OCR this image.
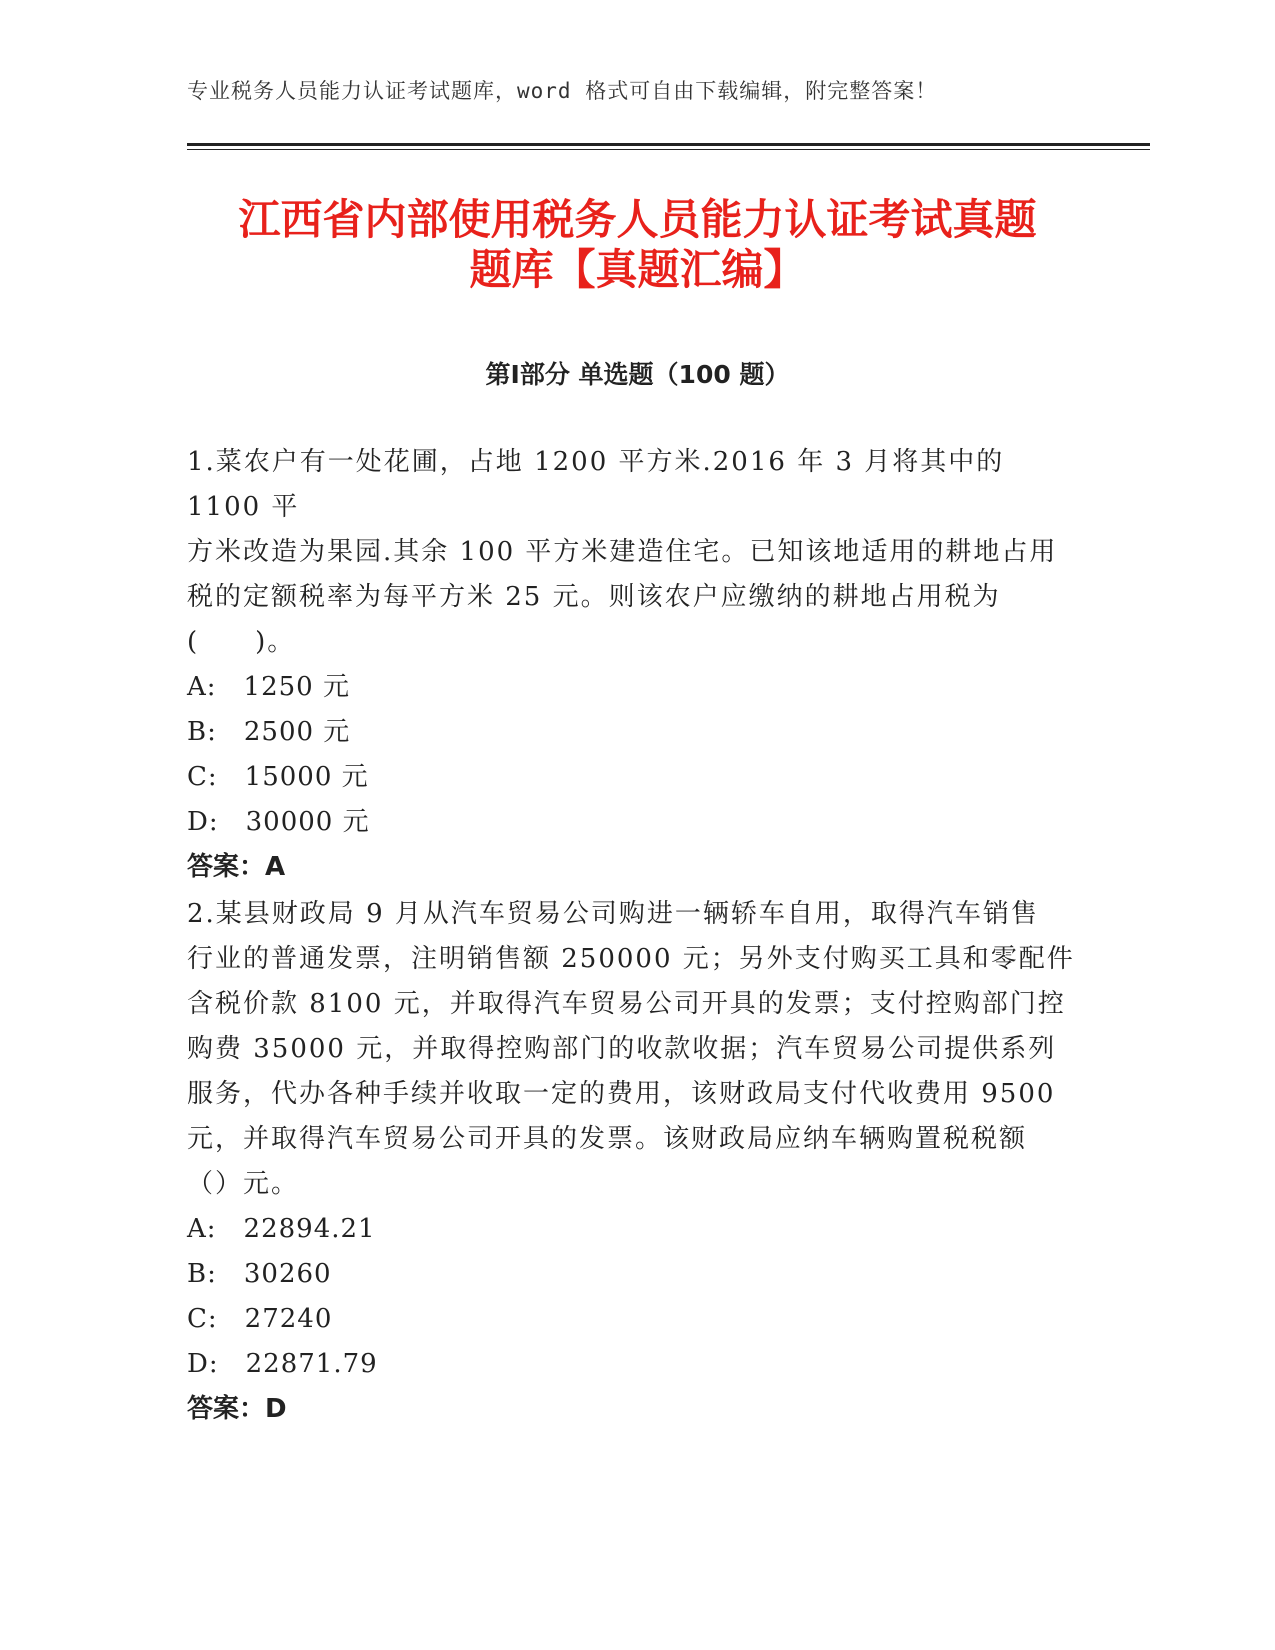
专业税务人员能力认证考试题库，word 格式可自由下载编辑，附完整答案！
江西省内部使用税务人员能力认证考试真题
题库【真题汇编】
第Ⅰ部分 单选题（100 题）

1.菜农户有一处花圃，占地 1200 平方米.2016 年 3 月将其中的 1100 平
方米改造为果园.其余 100 平方米建造住宅。已知该地适用的耕地占用
税的定额税率为每平方米 25 元。则该农户应缴纳的耕地占用税为
(　　)。

A:　1250 元

B:　2500 元

C:　15000 元

D:　30000 元

答案：A

2.某县财政局 9 月从汽车贸易公司购进一辆轿车自用，取得汽车销售
行业的普通发票，注明销售额 250000 元；另外支付购买工具和零配件
含税价款 8100 元，并取得汽车贸易公司开具的发票；支付控购部门控
购费 35000 元，并取得控购部门的收款收据；汽车贸易公司提供系列
服务，代办各种手续并收取一定的费用，该财政局支付代收费用 9500
元，并取得汽车贸易公司开具的发票。该财政局应纳车辆购置税税额
（）元。

A:　22894.21

B:　30260

C:　27240

D:　22871.79

答案：D
